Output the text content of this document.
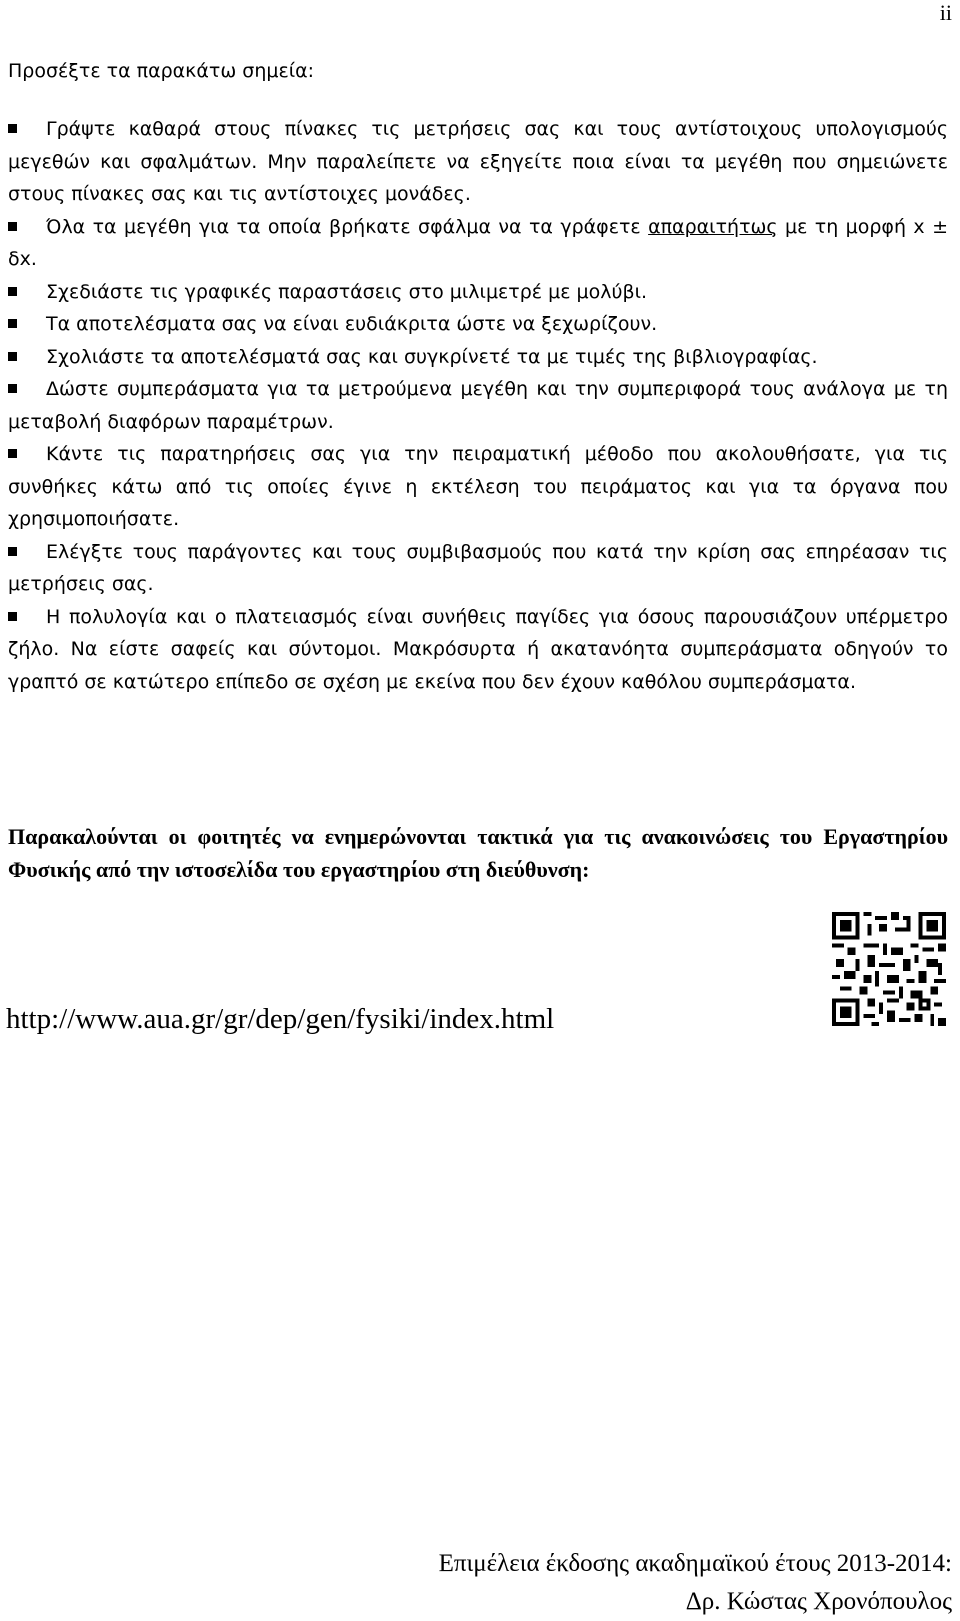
ii

Προσέξτε τα παρακάτω σημεία:

Γράψτε καθαρά στους πίνακες τις μετρήσεις σας και τους αντίστοιχους υπολογισμούς μεγεθών και σφαλμάτων. Μην παραλείπετε να εξηγείτε ποια είναι τα μεγέθη που σημειώνετε στους πίνακες σας και τις αντίστοιχες μονάδες.
Όλα τα μεγέθη για τα οποία βρήκατε σφάλμα να τα γράφετε απαραιτήτως με τη μορφή x ± δx.
Σχεδιάστε τις γραφικές παραστάσεις στο μιλιμετρέ με μολύβι.
Τα αποτελέσματα σας να είναι ευδιάκριτα ώστε να ξεχωρίζουν.
Σχολιάστε τα αποτελέσματά σας και συγκρίνετέ τα με τιμές της βιβλιογραφίας.
Δώστε συμπεράσματα για τα μετρούμενα μεγέθη και την συμπεριφορά τους ανάλογα με τη μεταβολή διαφόρων παραμέτρων.
Κάντε τις παρατηρήσεις σας για την πειραματική μέθοδο που ακολουθήσατε, για τις συνθήκες κάτω από τις οποίες έγινε η εκτέλεση του πειράματος και για τα όργανα που χρησιμοποιήσατε.
Ελέγξτε τους παράγοντες και τους συμβιβασμούς που κατά την κρίση σας επηρέασαν τις μετρήσεις σας.
Η πολυλογία και ο πλατειασμός είναι συνήθεις παγίδες για όσους παρουσιάζουν υπέρμετρο ζήλο. Να είστε σαφείς και σύντομοι. Μακρόσυρτα ή ακατανόητα συμπεράσματα οδηγούν το γραπτό σε κατώτερο επίπεδο σε σχέση με εκείνα που δεν έχουν καθόλου συμπεράσματα.

Παρακαλούνται οι φοιτητές να ενημερώνονται τακτικά για τις ανακοινώσεις του Εργαστηρίου Φυσικής από την ιστοσελίδα του εργαστηρίου στη διεύθυνση:

http://www.aua.gr/gr/dep/gen/fysiki/index.html

Επιμέλεια έκδοσης ακαδημαϊκού έτους 2013-2014:
Δρ. Κώστας Χρονόπουλος
